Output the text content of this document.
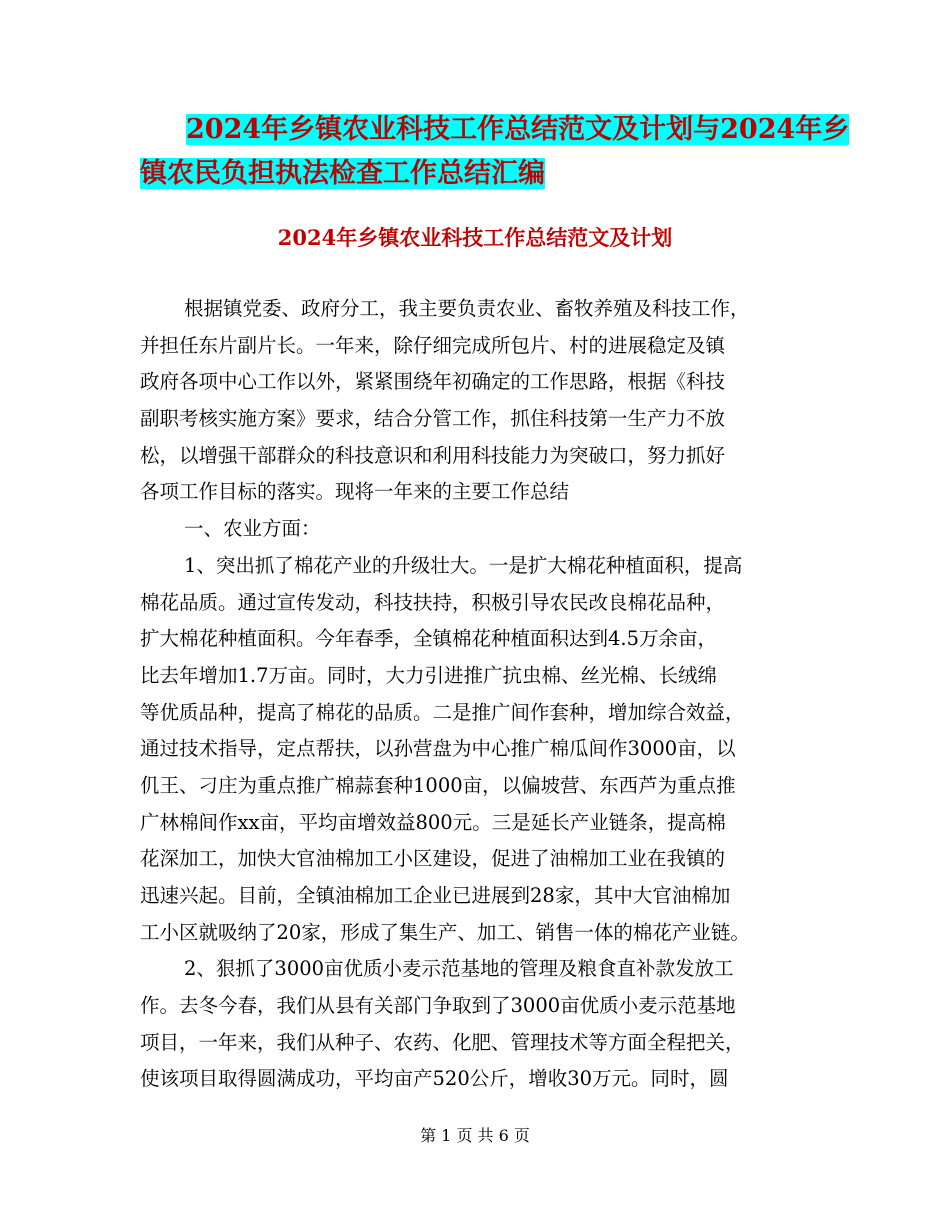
2024年乡镇农业科技工作总结范文及计划与2024年乡
镇农民负担执法检查工作总结汇编
2024年乡镇农业科技工作总结范文及计划
根据镇党委、政府分工，我主要负责农业、畜牧养殖及科技工作，
并担任东片副片长。一年来，除仔细完成所包片、村的进展稳定及镇
政府各项中心工作以外，紧紧围绕年初确定的工作思路，根据《科技
副职考核实施方案》要求，结合分管工作，抓住科技第一生产力不放
松，以增强干部群众的科技意识和利用科技能力为突破口，努力抓好
各项工作目标的落实。现将一年来的主要工作总结
一、农业方面：
1、突出抓了棉花产业的升级壮大。一是扩大棉花种植面积，提高
棉花品质。通过宣传发动，科技扶持，积极引导农民改良棉花品种，
扩大棉花种植面积。今年春季，全镇棉花种植面积达到4.5万余亩，
比去年增加1.7万亩。同时，大力引进推广抗虫棉、丝光棉、长绒绵
等优质品种，提高了棉花的品质。二是推广间作套种，增加综合效益，
通过技术指导，定点帮扶，以孙营盘为中心推广棉瓜间作3000亩，以
仉王、刁庄为重点推广棉蒜套种1000亩，以偏坡营、东西芦为重点推
广林棉间作xx亩，平均亩增效益800元。三是延长产业链条，提高棉
花深加工，加快大官油棉加工小区建设，促进了油棉加工业在我镇的
迅速兴起。目前，全镇油棉加工企业已进展到28家，其中大官油棉加
工小区就吸纳了20家，形成了集生产、加工、销售一体的棉花产业链。
2、狠抓了3000亩优质小麦示范基地的管理及粮食直补款发放工
作。去冬今春，我们从县有关部门争取到了3000亩优质小麦示范基地
项目，一年来，我们从种子、农药、化肥、管理技术等方面全程把关，
使该项目取得圆满成功，平均亩产520公斤，增收30万元。同时，圆
第 1 页 共 6 页
